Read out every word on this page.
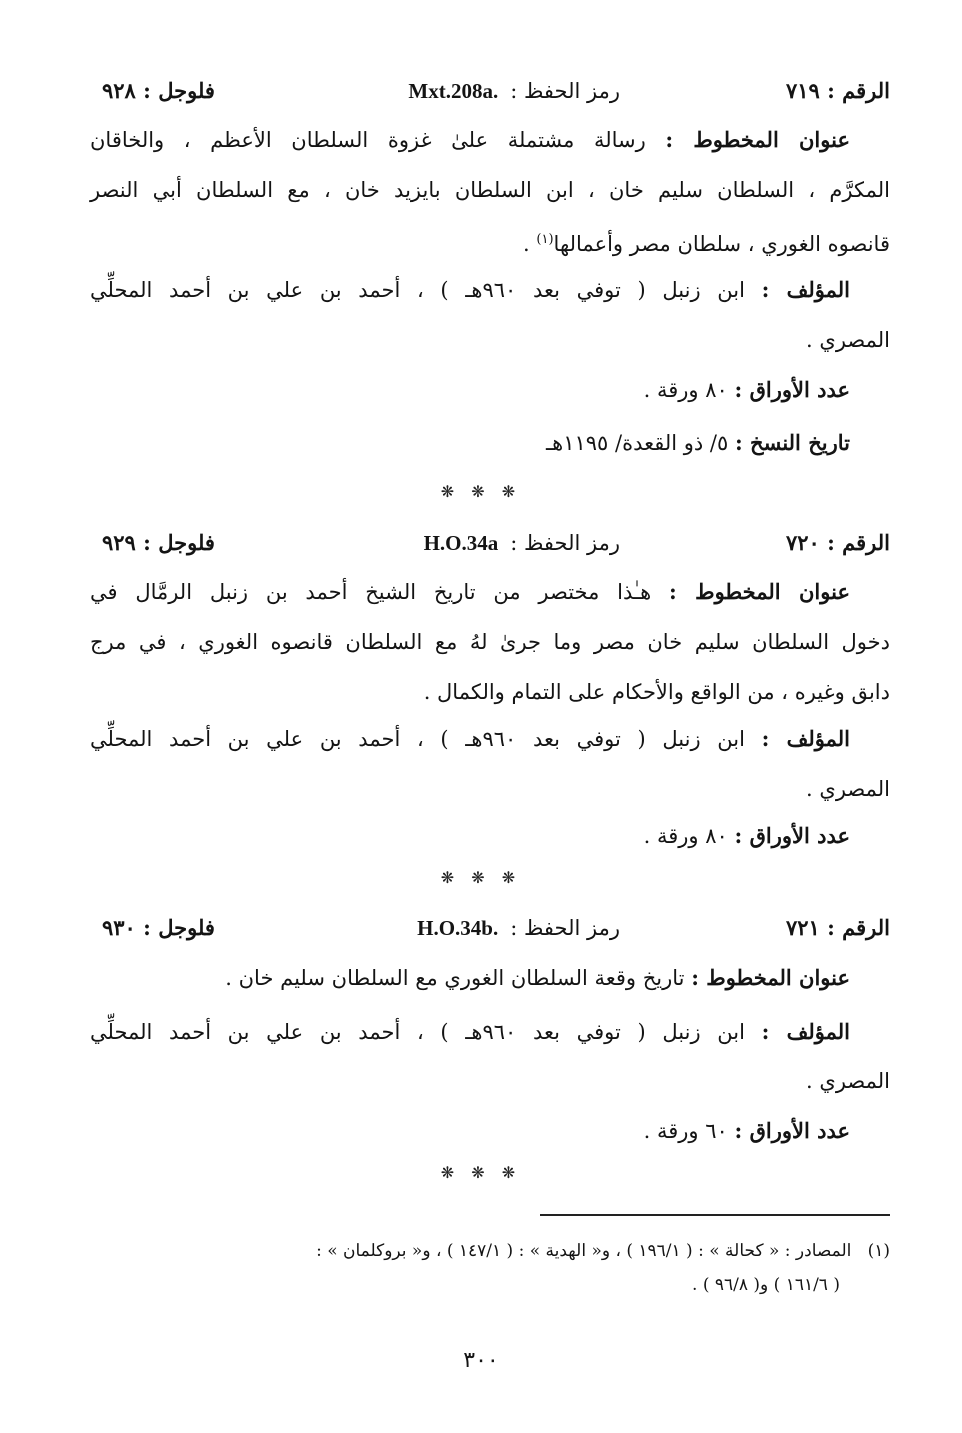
الرقم : ٧١٩
رمز الحفظ :Mxt.208a.
فلوجل : ٩٢٨
عنوان المخطوط : رسالة مشتملة علىٰ غزوة السلطان الأعظم ، والخاقان
المكرَّم ، السلطان سليم خان ، ابن السلطان بايزيد خان ، مع السلطان أبي النصر
قانصوه الغوري ، سلطان مصر وأعمالها$^{(١)}$ .
المؤلف : ابن زنبل ( توفي بعد ٩٦٠هـ ) ، أحمد بن علي بن أحمد المحلِّي
المصري .
عدد الأوراق : ٨٠ ورقة .
تاريخ النسخ : ٥/ ذو القعدة/ ١١٩٥هـ
❋ ❋ ❋
الرقم : ٧٢٠
رمز الحفظ :H.O.34a
فلوجل : ٩٢٩
عنوان المخطوط : هـٰذا مختصر من تاريخ الشيخ أحمد بن زنبل الرمَّال في
دخول السلطان سليم خان مصر وما جرىٰ لهُ مع السلطان قانصوه الغوري ، في مرج
دابق وغيره ، من الواقع والأحكام على التمام والكمال .
المؤلف : ابن زنبل ( توفي بعد ٩٦٠هـ ) ، أحمد بن علي بن أحمد المحلِّي
المصري .
عدد الأوراق : ٨٠ ورقة .
❋ ❋ ❋
الرقم : ٧٢١
رمز الحفظ :H.O.34b.
فلوجل : ٩٣٠
عنوان المخطوط : تاريخ وقعة السلطان الغوري مع السلطان سليم خان .
المؤلف : ابن زنبل ( توفي بعد ٩٦٠هـ ) ، أحمد بن علي بن أحمد المحلِّي
المصري .
عدد الأوراق : ٦٠ ورقة .
❋ ❋ ❋
(١)   المصادر : « كحالة » : ( ١٩٦/١ ) ، و« الهدية » : ( ١٤٧/١ ) ، و« بروكلمان » :
( ١٦١/٦ ) و( ٩٦/٨ ) .
٣٠٠
